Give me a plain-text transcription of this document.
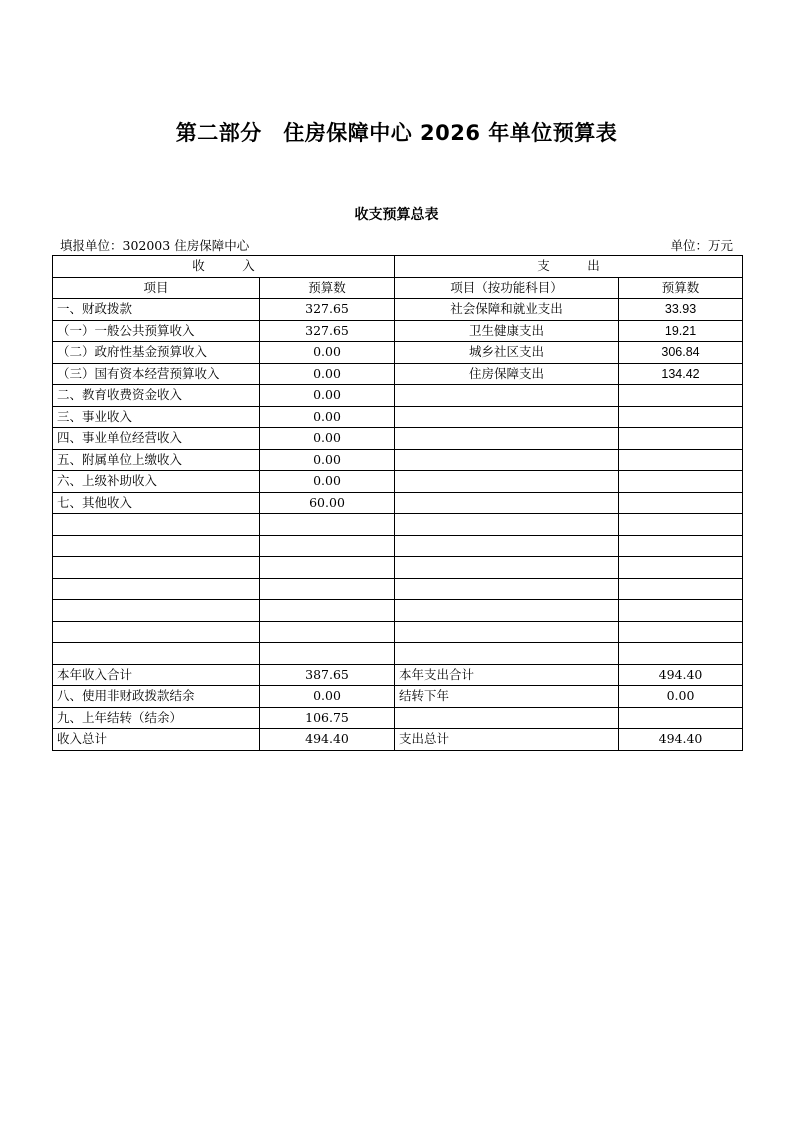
第二部分　住房保障中心 2026 年单位预算表
收支预算总表
填报单位：302003 住房保障中心	单位：万元
收　　　入		支　　　出	
项目	预算数	项目（按功能科目）	预算数
一、财政拨款	327.65	社会保障和就业支出	33.93
（一）一般公共预算收入	327.65	卫生健康支出	19.21
（二）政府性基金预算收入	0.00	城乡社区支出	306.84
（三）国有资本经营预算收入	0.00	住房保障支出	134.42
二、教育收费资金收入	0.00		
三、事业收入	0.00		
四、事业单位经营收入	0.00		
五、附属单位上缴收入	0.00		
六、上级补助收入	0.00		
七、其他收入	60.00		

本年收入合计	387.65	本年支出合计	494.40
八、使用非财政拨款结余	0.00	结转下年	0.00
九、上年结转（结余）	106.75		
收入总计	494.40	支出总计	494.40
